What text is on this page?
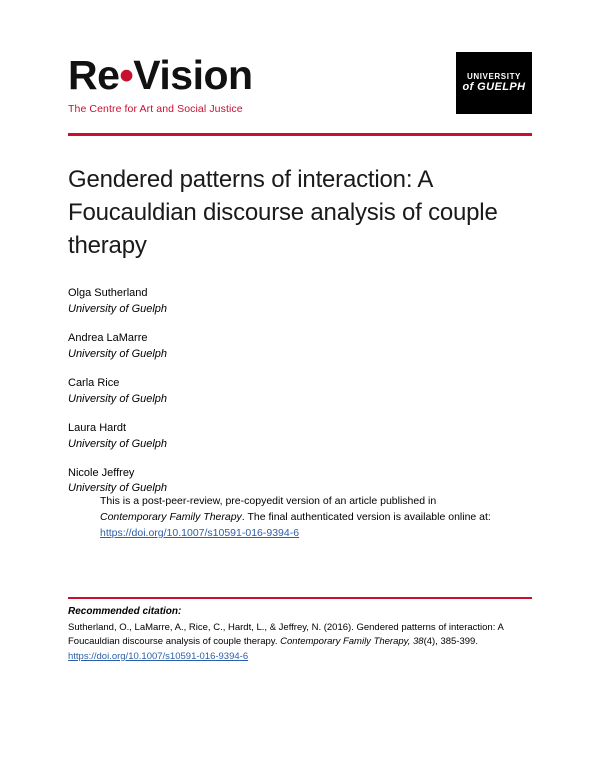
Re•Vision
The Centre for Art and Social Justice
UNIVERSITY
of GUELPH
Gendered patterns of interaction: A Foucauldian discourse analysis of couple therapy
Olga Sutherland
University of Guelph
Andrea LaMarre
University of Guelph
Carla Rice
University of Guelph
Laura Hardt
University of Guelph
Nicole Jeffrey
University of Guelph
This is a post-peer-review, pre-copyedit version of an article published in Contemporary Family Therapy. The final authenticated version is available online at: https://doi.org/10.1007/s10591-016-9394-6
Recommended citation:
Sutherland, O., LaMarre, A., Rice, C., Hardt, L., & Jeffrey, N. (2016). Gendered patterns of interaction: A Foucauldian discourse analysis of couple therapy. Contemporary Family Therapy, 38(4), 385-399.
https://doi.org/10.1007/s10591-016-9394-6
